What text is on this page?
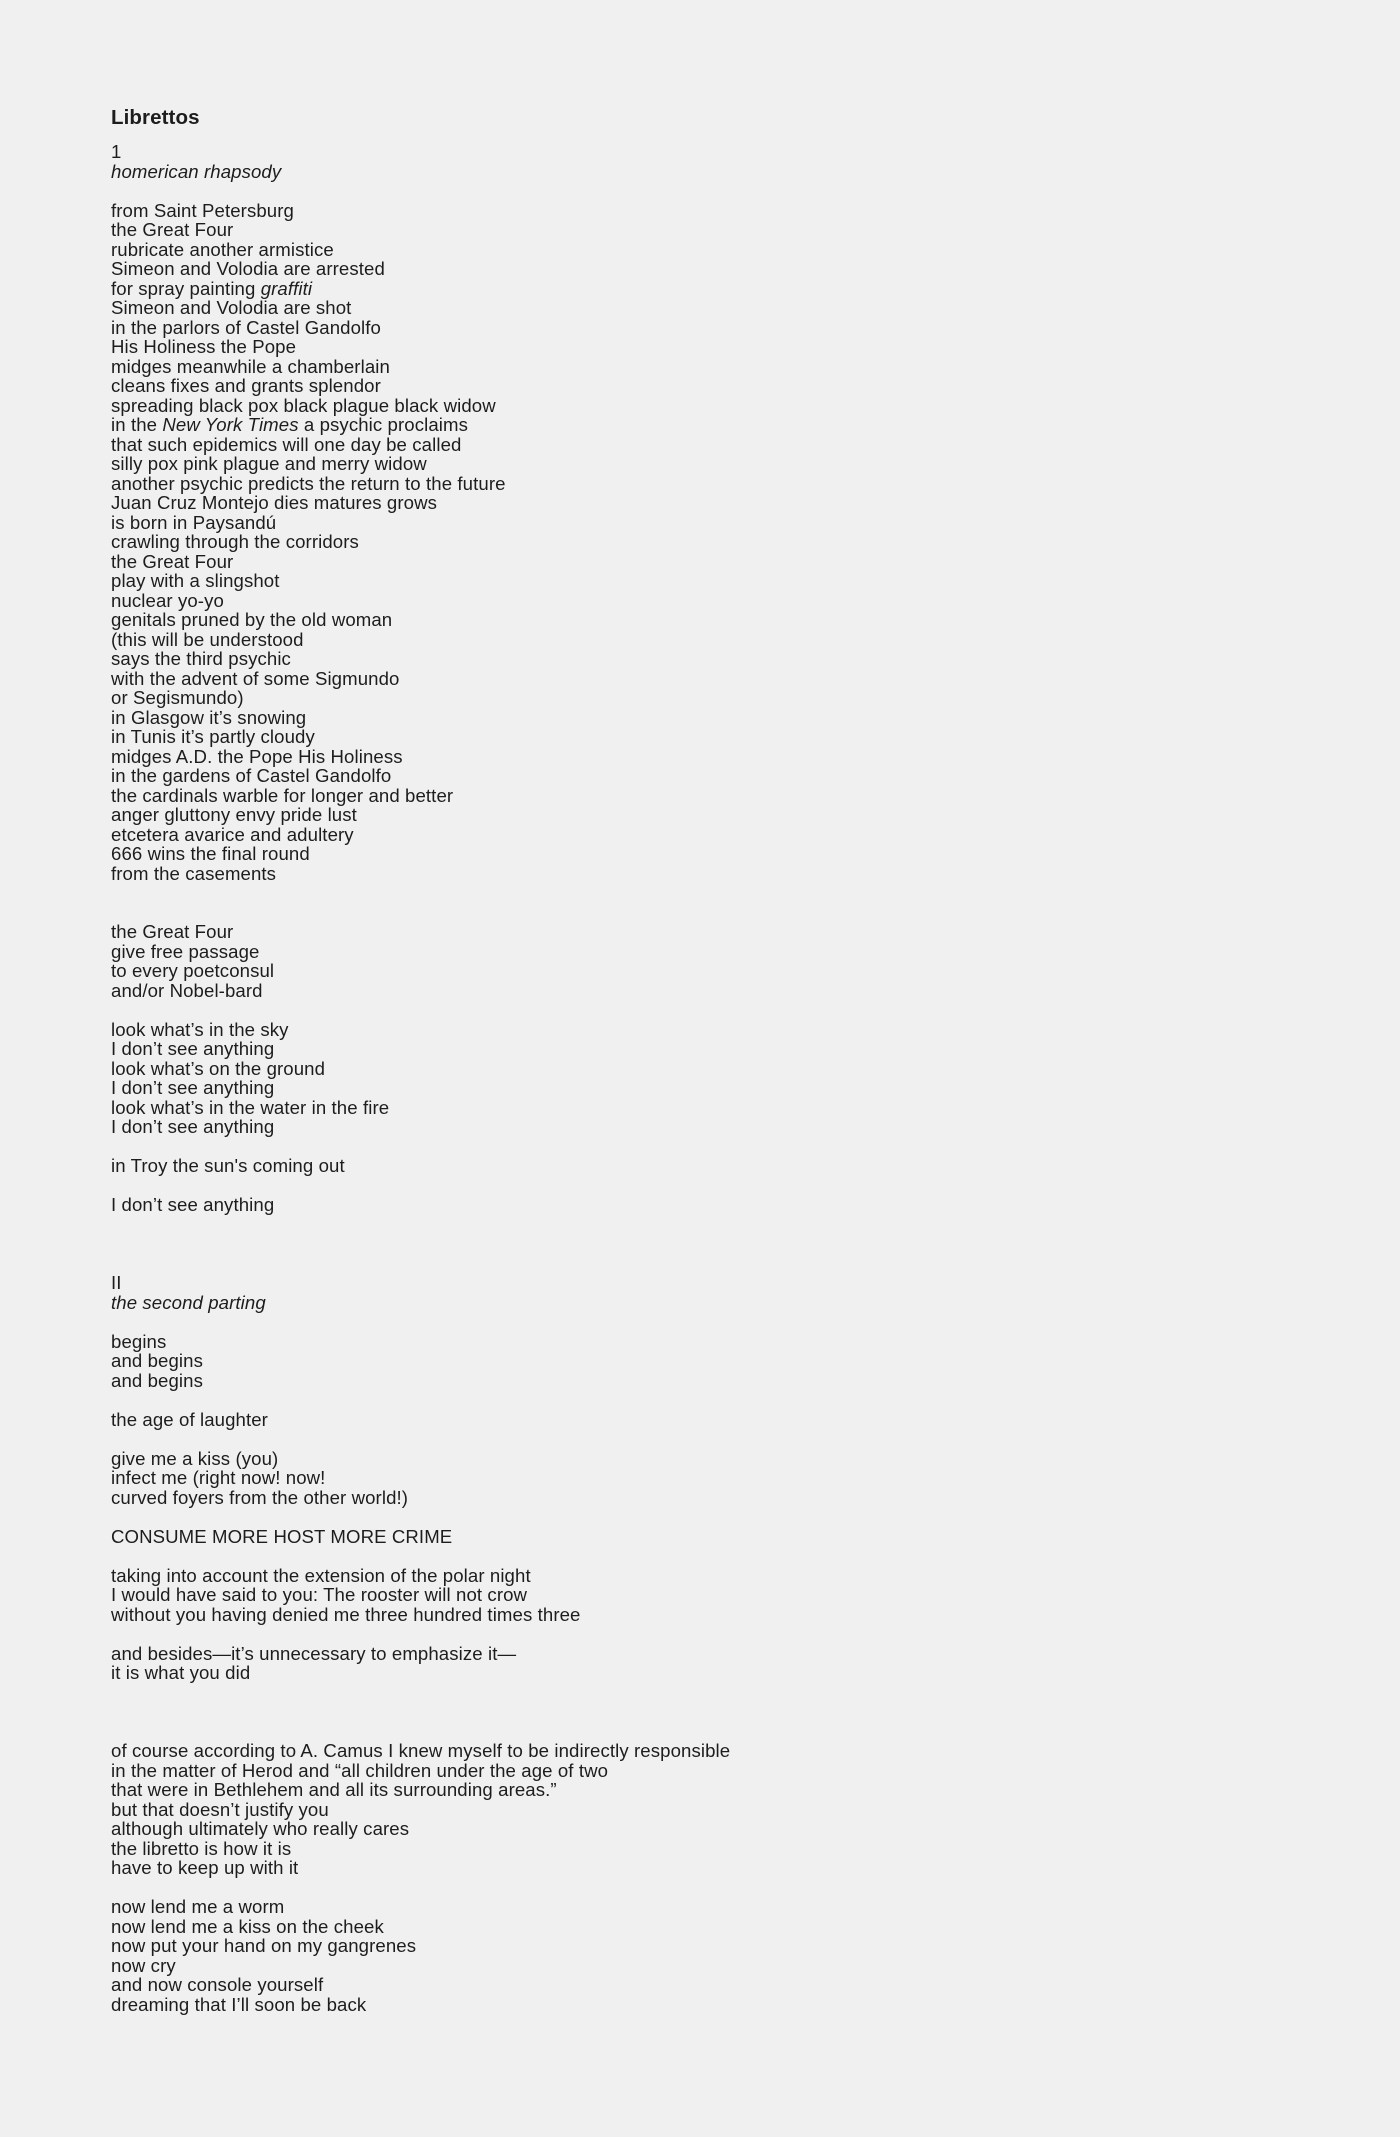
Librettos
1
homerican rhapsody
from Saint Petersburg
the Great Four
rubricate another armistice
Simeon and Volodia are arrested
for spray painting graffiti
Simeon and Volodia are shot
in the parlors of Castel Gandolfo
His Holiness the Pope
midges meanwhile a chamberlain
cleans fixes and grants splendor
spreading black pox black plague black widow
in the New York Times a psychic proclaims
that such epidemics will one day be called
silly pox pink plague and merry widow
another psychic predicts the return to the future
Juan Cruz Montejo dies matures grows
is born in Paysandú
crawling through the corridors
the Great Four
play with a slingshot
nuclear yo-yo
genitals pruned by the old woman
(this will be understood
says the third psychic
with the advent of some Sigmundo
or Segismundo)
in Glasgow it’s snowing
in Tunis it’s partly cloudy
midges A.D. the Pope His Holiness
in the gardens of Castel Gandolfo
the cardinals warble for longer and better
anger gluttony envy pride lust
etcetera avarice and adultery
666 wins the final round
from the casements
the Great Four
give free passage
to every poetconsul
and/or Nobel-bard
look what’s in the sky
I don’t see anything
look what’s on the ground
I don’t see anything
look what’s in the water in the fire
I don’t see anything
in Troy the sun's coming out
I don’t see anything
II
the second parting
begins
and begins
and begins
the age of laughter
give me a kiss (you)
infect me (right now! now!
curved foyers from the other world!)
CONSUME MORE HOST MORE CRIME
taking into account the extension of the polar night
I would have said to you: The rooster will not crow
without you having denied me three hundred times three
and besides—it’s unnecessary to emphasize it—
it is what you did
of course according to A. Camus I knew myself to be indirectly responsible
in the matter of Herod and “all children under the age of two
that were in Bethlehem and all its surrounding areas.”
but that doesn’t justify you
although ultimately who really cares
the libretto is how it is
have to keep up with it
now lend me a worm
now lend me a kiss on the cheek
now put your hand on my gangrenes
now cry
and now console yourself
dreaming that I’ll soon be back
